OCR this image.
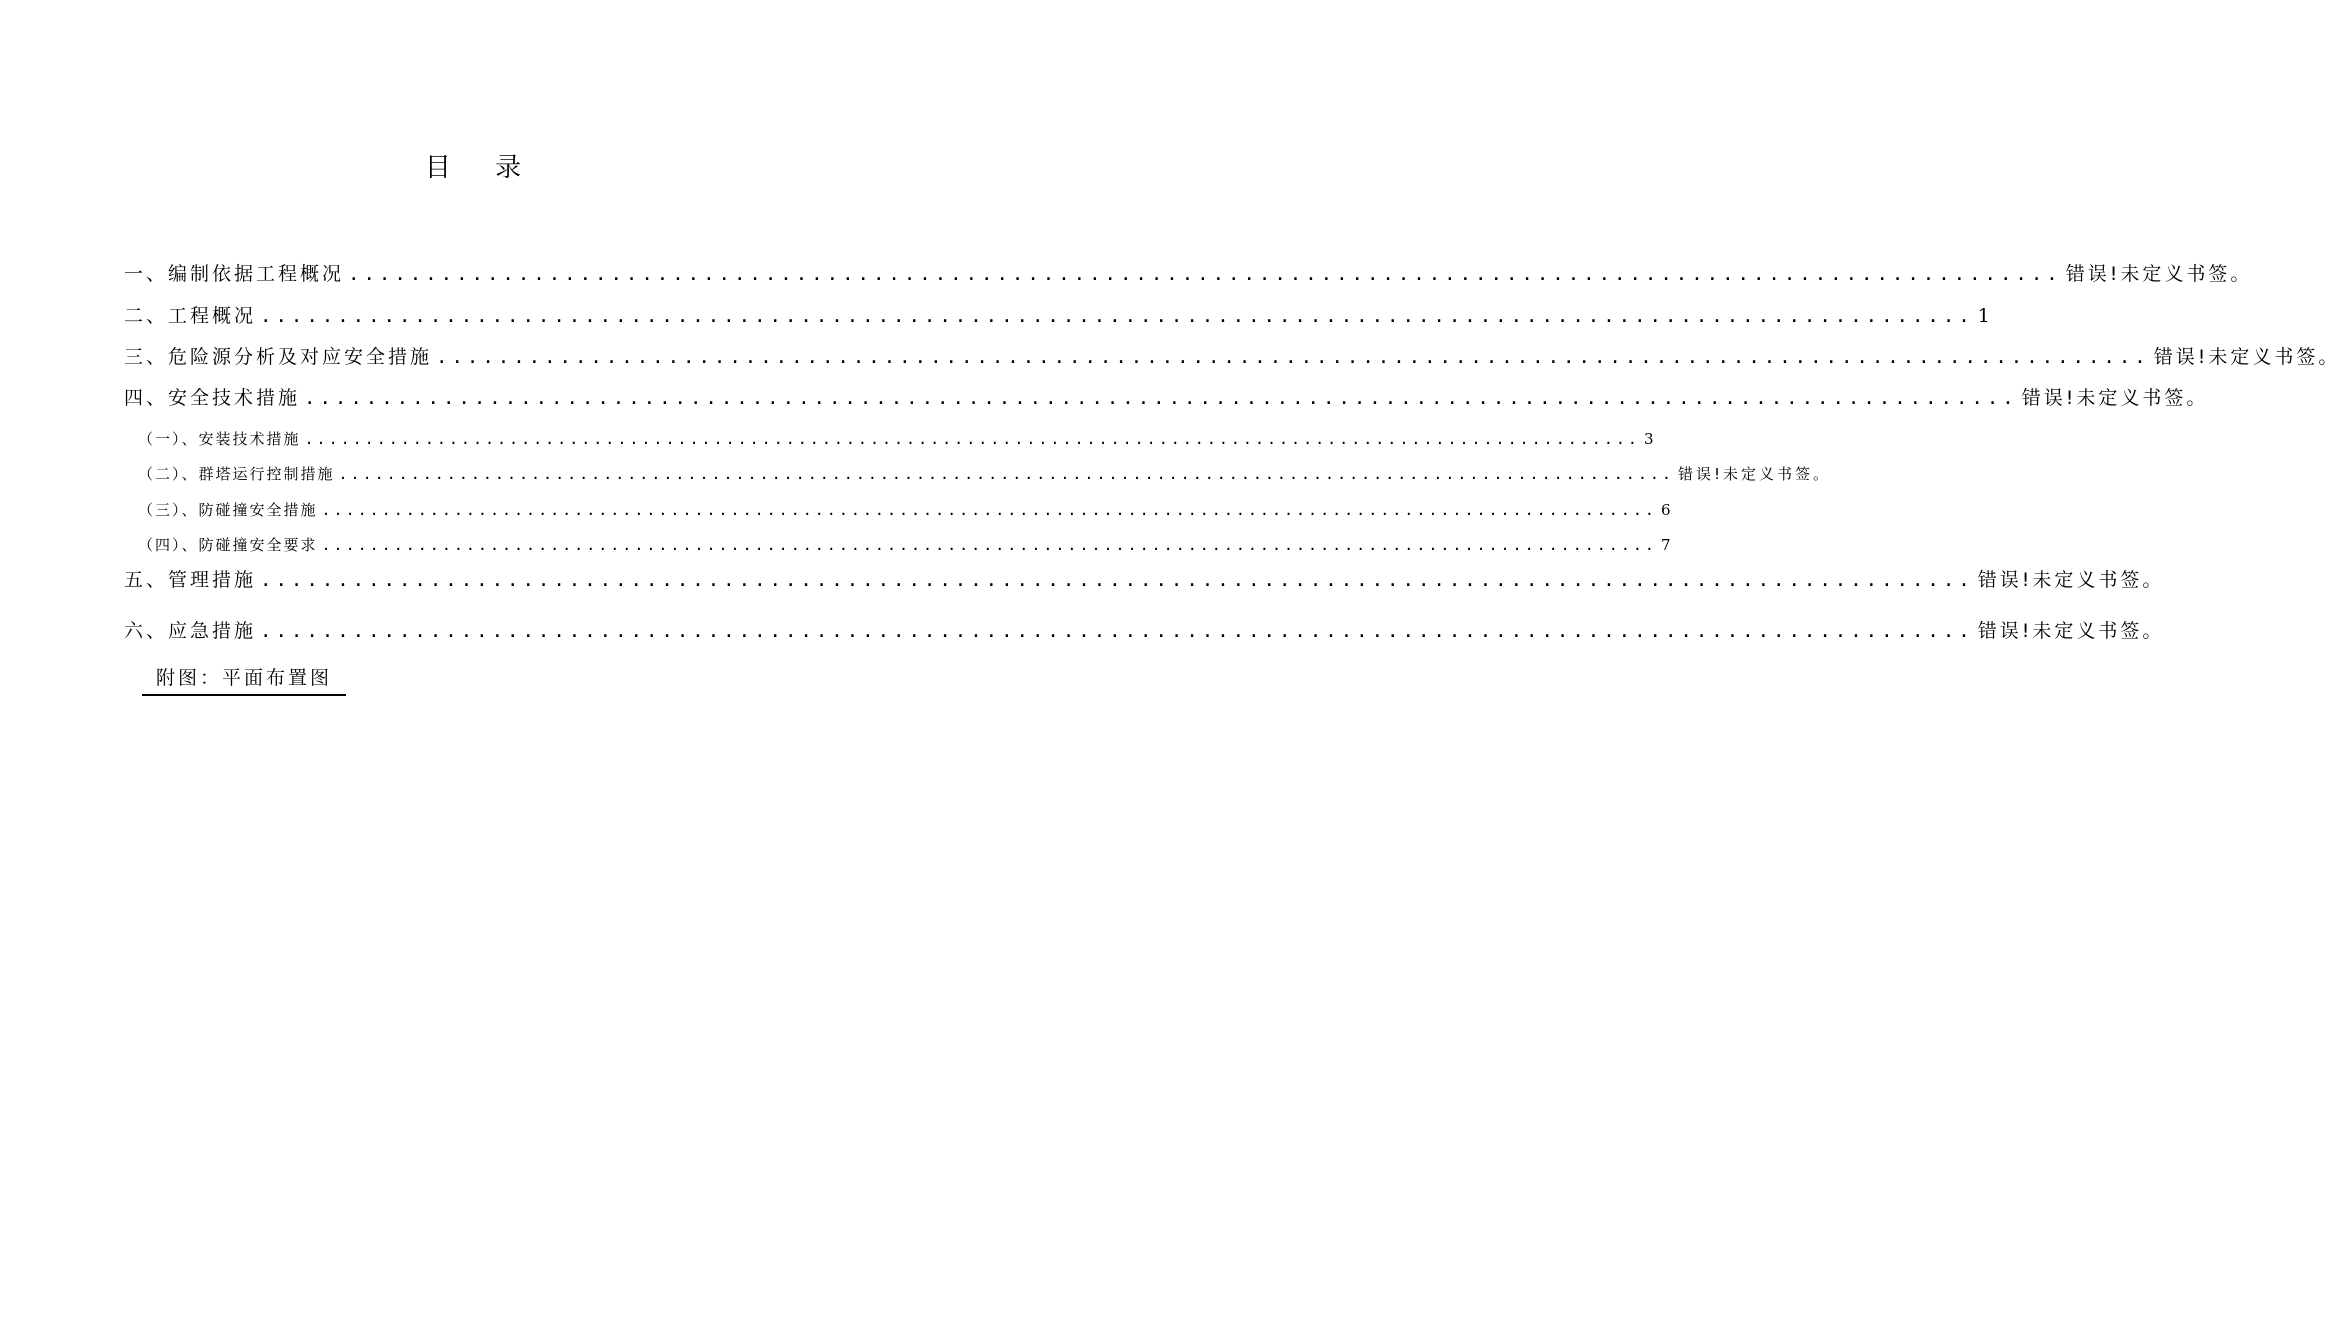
目 录
一、编制依据工程概况 ............................................................................................................... 错误!未定义书签。
二、工程概况 ............................................................................................................... 1
三、危险源分析及对应安全措施 ............................................................................................................... 错误!未定义书签。
四、安全技术措施 ............................................................................................................... 错误!未定义书签。
（一）、安装技术措施 ............................................................................................................... 3
（二）、群塔运行控制措施 ............................................................................................................... 错误!未定义书签。
（三）、防碰撞安全措施 ............................................................................................................... 6
（四）、防碰撞安全要求 ............................................................................................................... 7
五、管理措施 ............................................................................................................... 错误!未定义书签。
六、应急措施 ............................................................................................................... 错误!未定义书签。
附图：平面布置图
